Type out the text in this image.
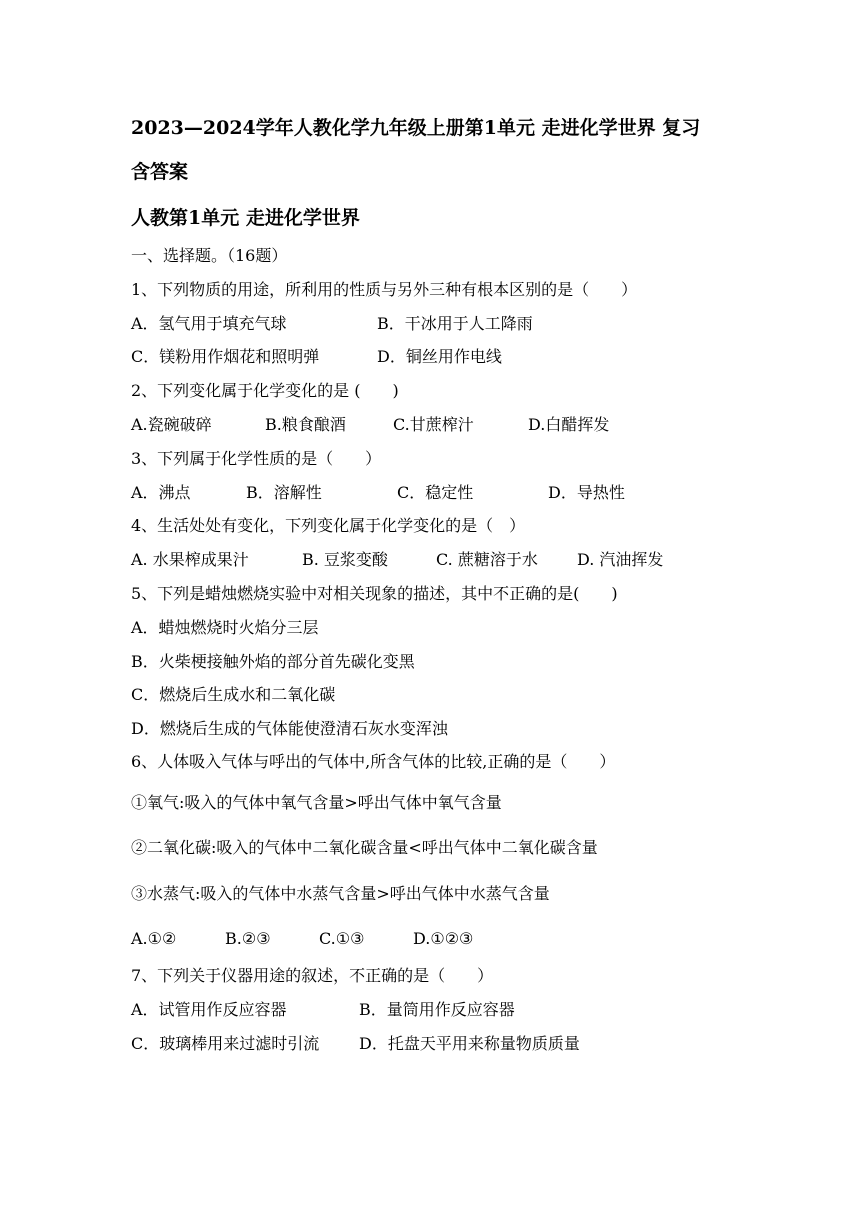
2023—2024学年人教化学九年级上册第1单元 走进化学世界 复习
含答案
人教第1单元 走进化学世界
一、选择题。（16题）
1、下列物质的用途，所利用的性质与另外三种有根本区别的是（　　）
A．氢气用于填充气球	B．干冰用于人工降雨
C．镁粉用作烟花和照明弹	D．铜丝用作电线
2、下列变化属于化学变化的是 (　　)
A.瓷碗破碎	B.粮食酿酒	C.甘蔗榨汁	D.白醋挥发
3、下列属于化学性质的是（　　）
A．沸点	B．溶解性	C．稳定性	D．导热性
4、生活处处有变化，下列变化属于化学变化的是（　）
A. 水果榨成果汁	B. 豆浆变酸	C. 蔗糖溶于水 D. 汽油挥发
5、下列是蜡烛燃烧实验中对相关现象的描述，其中不正确的是(　　)
A．蜡烛燃烧时火焰分三层
B．火柴梗接触外焰的部分首先碳化变黑
C．燃烧后生成水和二氧化碳
D．燃烧后生成的气体能使澄清石灰水变浑浊
6、人体吸入气体与呼出的气体中,所含气体的比较,正确的是（　　）
①氧气:吸入的气体中氧气含量>呼出气体中氧气含量
②二氧化碳:吸入的气体中二氧化碳含量<呼出气体中二氧化碳含量
③水蒸气:吸入的气体中水蒸气含量>呼出气体中水蒸气含量
A.①②	B.②③	C.①③	D.①②③
7、下列关于仪器用途的叙述，不正确的是（　　）
A．试管用作反应容器	B．量筒用作反应容器
C．玻璃棒用来过滤时引流 D．托盘天平用来称量物质质量
